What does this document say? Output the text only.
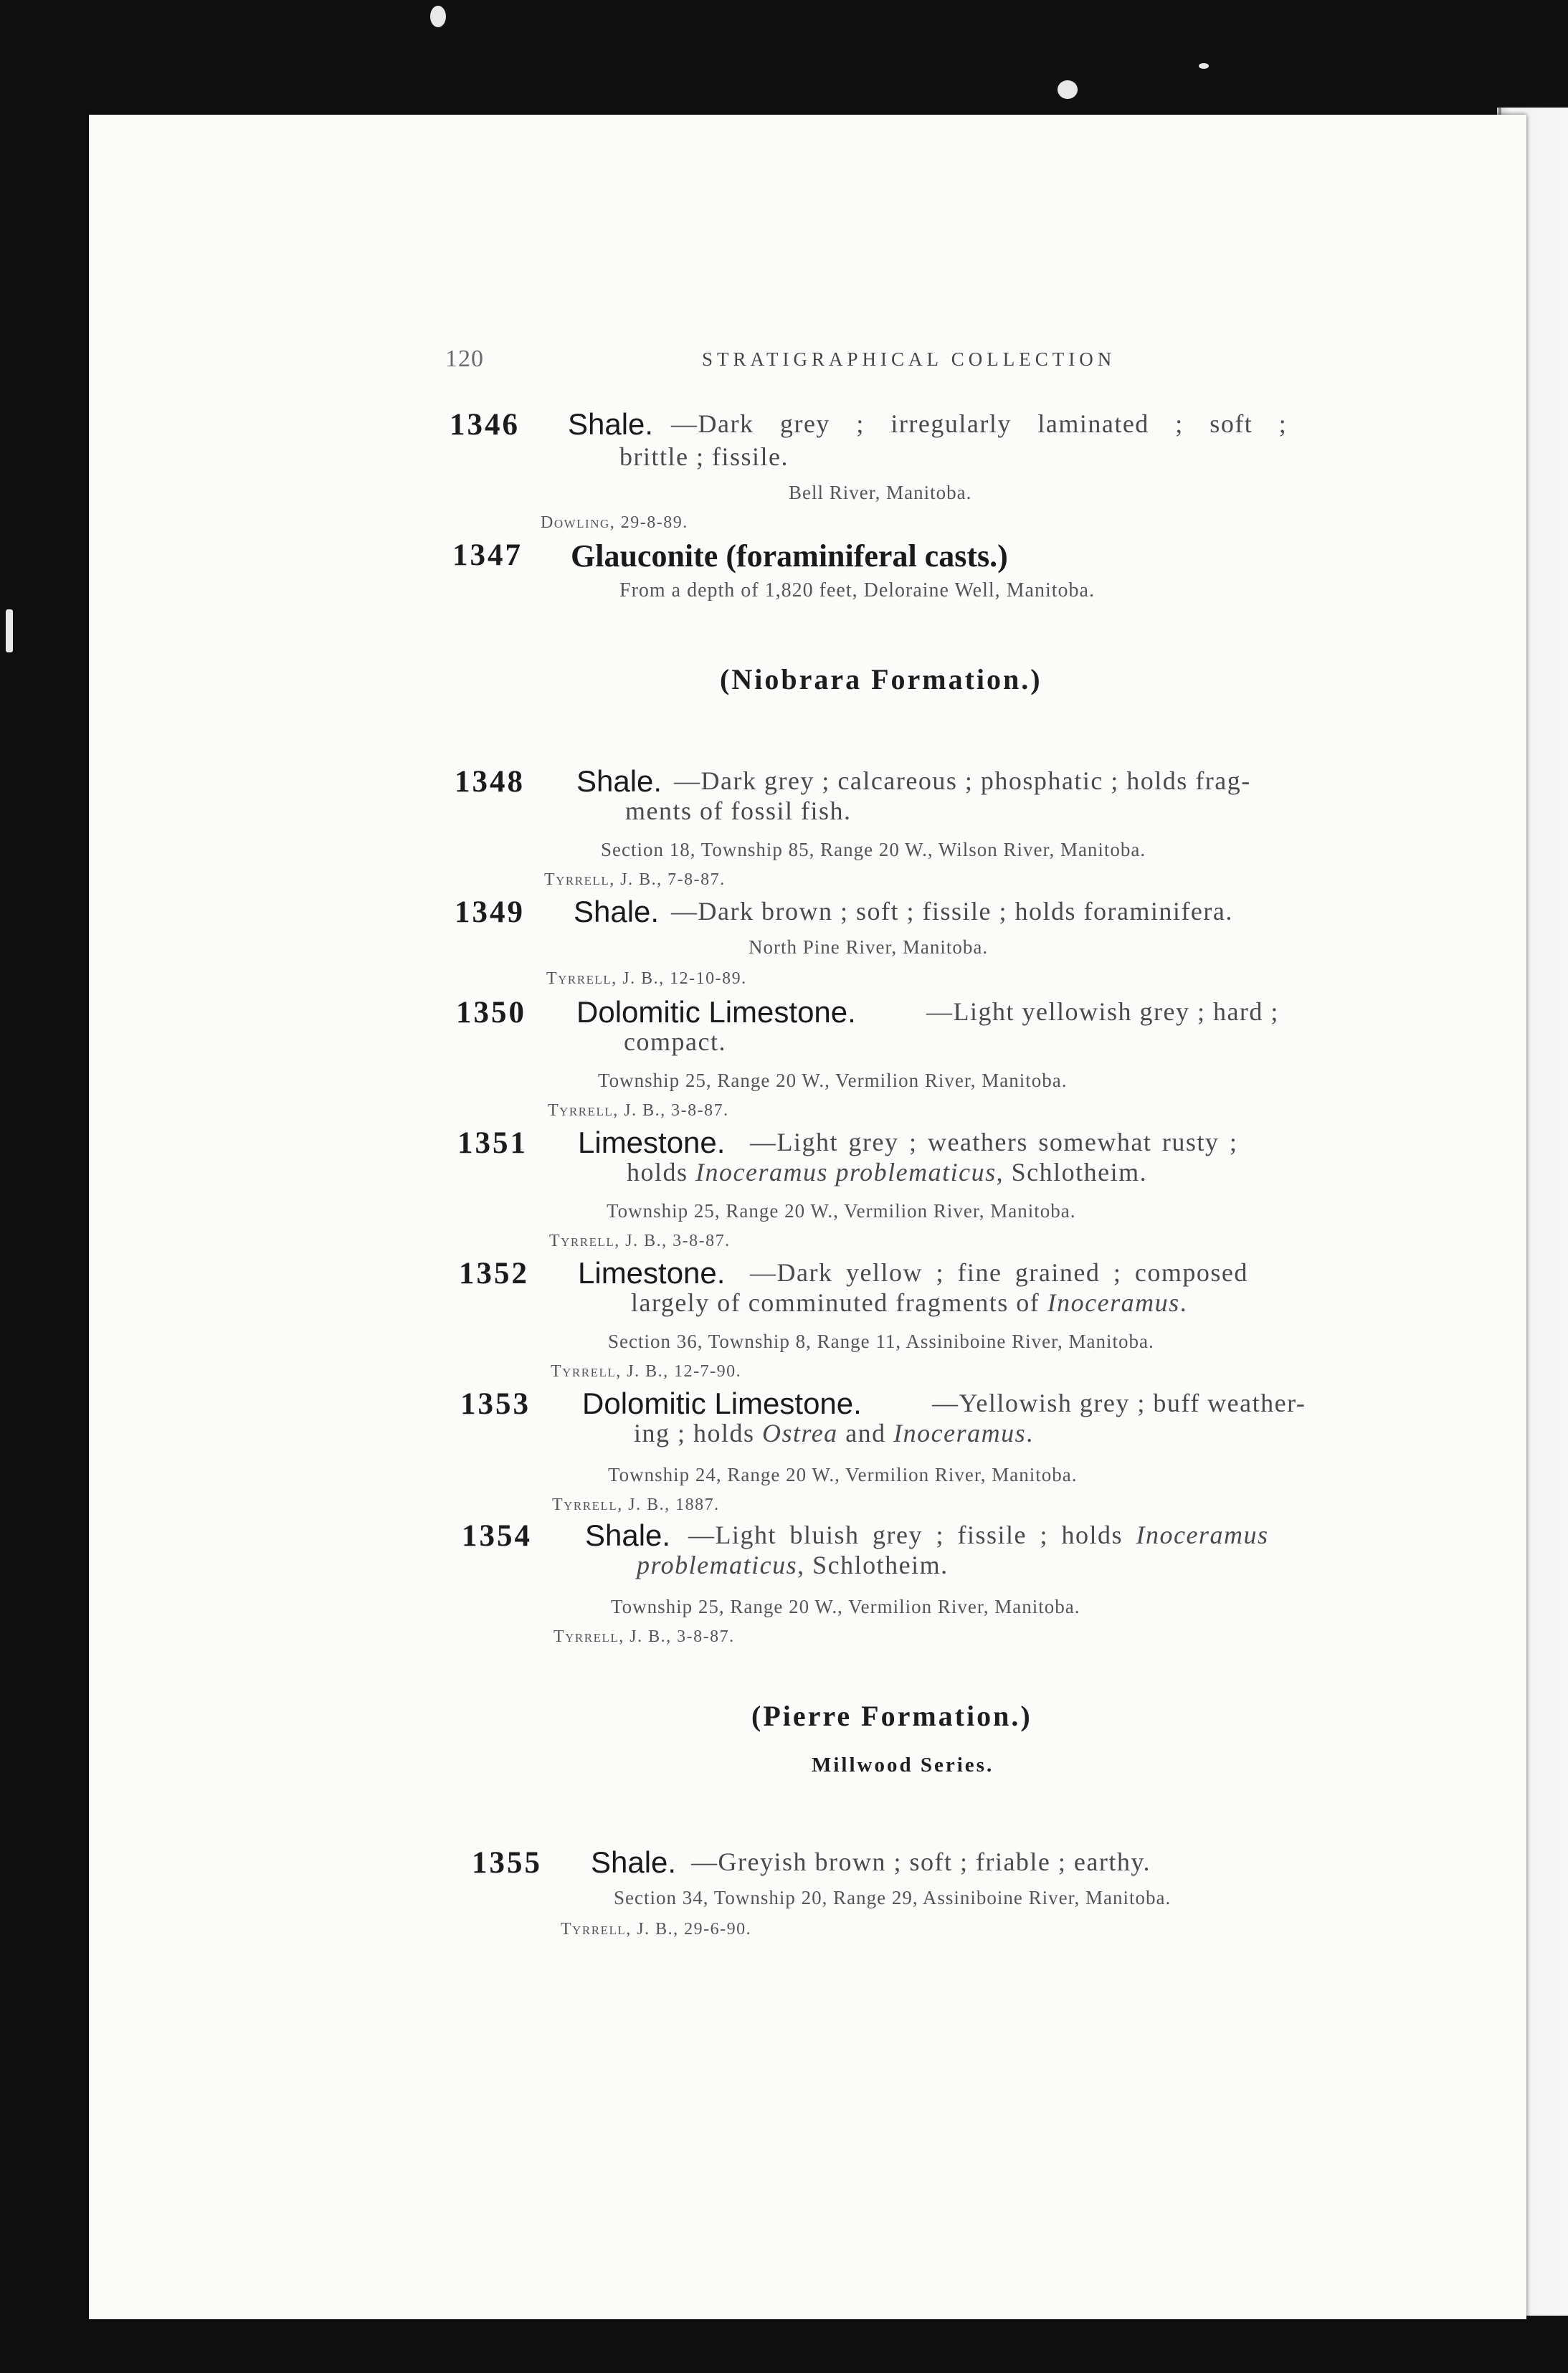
120	STRATIGRAPHICAL COLLECTION
1346 Shale. —Dark grey ; irregularly laminated ; soft ;
brittle ; fissile.
Bell River, Manitoba.
Dowling, 29-8-89.
1347 Glauconite (foraminiferal casts.)
From a depth of 1,820 feet, Deloraine Well, Manitoba.
(Niobrara Formation.)
1348 Shale. —Dark grey ; calcareous ; phosphatic ; holds frag-
ments of fossil fish.
Section 18, Township 85, Range 20 W., Wilson River, Manitoba.
Tyrrell, J. B., 7-8-87.
1349 Shale. —Dark brown ; soft ; fissile ; holds foraminifera.
North Pine River, Manitoba.
Tyrrell, J. B., 12-10-89.
1350 Dolomitic Limestone.	—Light yellowish grey ; hard ;
compact.
Township 25, Range 20 W., Vermilion River, Manitoba.
Tyrrell, J. B., 3-8-87.
1351 Limestone. —Light grey ; weathers somewhat rusty ;
holds Inoceramus problematicus, Schlotheim.
Township 25, Range 20 W., Vermilion River, Manitoba.
Tyrrell, J. B., 3-8-87.
1352 Limestone. —Dark yellow ; fine grained ; composed
largely of comminuted fragments of Inoceramus.
Section 36, Township 8, Range 11, Assiniboine River, Manitoba.
Tyrrell, J. B., 12-7-90.
1353 Dolomitic Limestone.	—Yellowish grey ; buff weather-
ing ; holds Ostrea and Inoceramus.
Township 24, Range 20 W., Vermilion River, Manitoba.
Tyrrell, J. B., 1887.
1354 Shale. —Light bluish grey ; fissile ; holds Inoceramus
problematicus, Schlotheim.
Township 25, Range 20 W., Vermilion River, Manitoba.
Tyrrell, J. B., 3-8-87.
(Pierre Formation.)
Millwood Series.
1355 Shale. —Greyish brown ; soft ; friable ; earthy.
Section 34, Township 20, Range 29, Assiniboine River, Manitoba.
Tyrrell, J. B., 29-6-90.
